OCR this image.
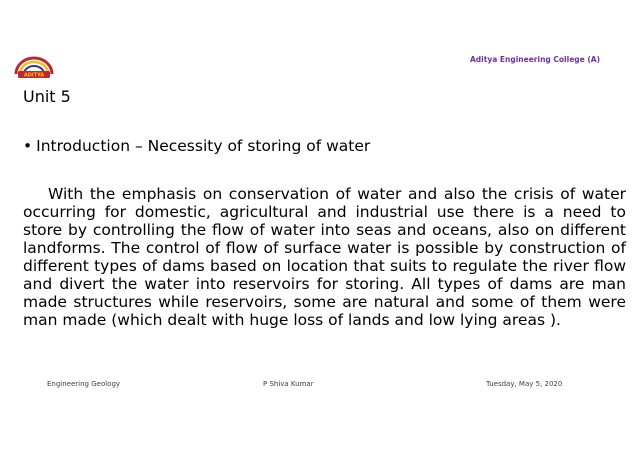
ADITYA
Aditya Engineering College (A)
Unit 5
• Introduction – Necessity of storing of water
With the emphasis on conservation of water and also the crisis of water occurring for domestic, agricultural and industrial use there is a need to store by controlling the flow of water into seas and oceans, also on different landforms. The control of flow of surface water is possible by construction of different types of dams based on location that suits to regulate the river flow and divert the water into reservoirs for storing. All types of dams are man made structures while reservoirs, some are natural and some of them were man made (which dealt with huge loss of lands and low lying areas ).
Engineering Geology	P Shiva Kumar	Tuesday, May 5, 2020
